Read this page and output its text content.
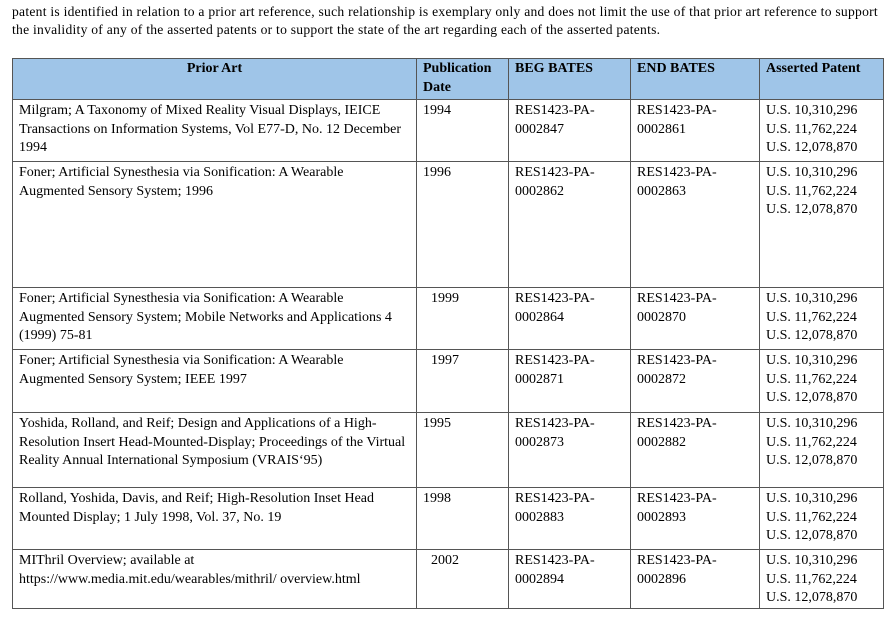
patent is identified in relation to a prior art reference, such relationship is exemplary only and does not limit the use of that prior art reference to support the invalidity of any of the asserted patents or to support the state of the art regarding each of the asserted patents.
Prior Art	Publication Date	BEG BATES	END BATES	Asserted Patent
Milgram; A Taxonomy of Mixed Reality Visual Displays, IEICE Transactions on Information Systems, Vol E77-D, No. 12 December 1994	1994	RES1423-PA-0002847	RES1423-PA-0002861	U.S. 10,310,296
U.S. 11,762,224
U.S. 12,078,870

Foner; Artificial Synesthesia via Sonification: A Wearable Augmented Sensory System; 1996	1996	RES1423-PA-0002862	RES1423-PA-0002863	U.S. 10,310,296
U.S. 11,762,224
U.S. 12,078,870

Foner; Artificial Synesthesia via Sonification: A Wearable Augmented Sensory System; Mobile Networks and Applications 4 (1999) 75-81	1999	RES1423-PA-0002864	RES1423-PA-0002870	U.S. 10,310,296
U.S. 11,762,224
U.S. 12,078,870

Foner; Artificial Synesthesia via Sonification: A Wearable Augmented Sensory System; IEEE 1997	1997	RES1423-PA-0002871	RES1423-PA-0002872	U.S. 10,310,296
U.S. 11,762,224
U.S. 12,078,870

Yoshida, Rolland, and Reif; Design and Applications of a High-Resolution Insert Head-Mounted-Display; Proceedings of the Virtual Reality Annual International Symposium (VRAIS‘95)	1995	RES1423-PA-0002873	RES1423-PA-0002882	U.S. 10,310,296
U.S. 11,762,224
U.S. 12,078,870

Rolland, Yoshida, Davis, and Reif; High-Resolution Inset Head Mounted Display; 1 July 1998, Vol. 37, No. 19	1998	RES1423-PA-0002883	RES1423-PA-0002893	U.S. 10,310,296
U.S. 11,762,224
U.S. 12,078,870

MIThril Overview; available at https://www.media.mit.edu/wearables/mithril/ overview.html	2002	RES1423-PA-0002894	RES1423-PA-0002896	U.S. 10,310,296
U.S. 11,762,224
U.S. 12,078,870
